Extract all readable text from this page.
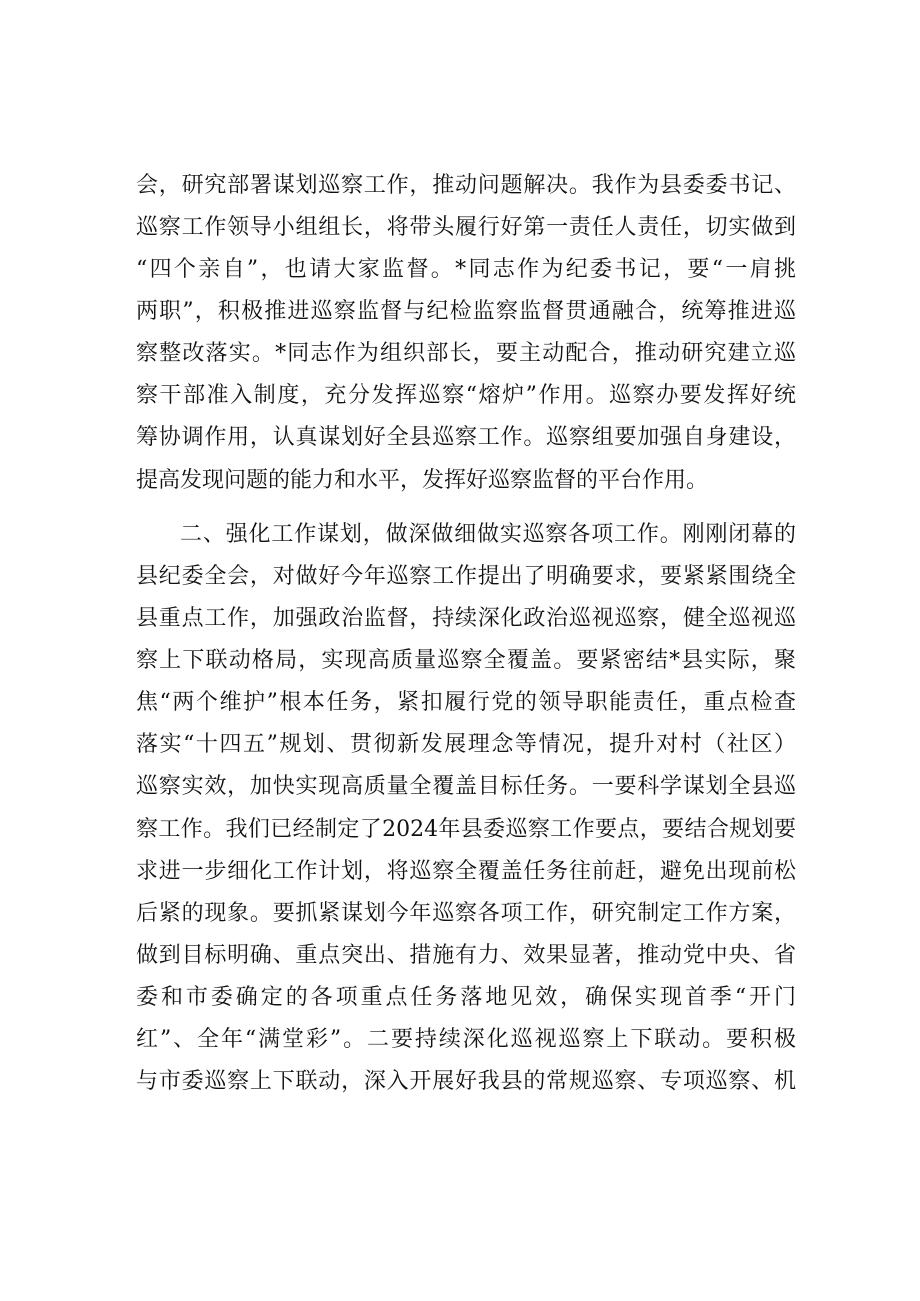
会，研究部署谋划巡察工作，推动问题解决。我作为县委委书记、
巡察工作领导小组组长，将带头履行好第一责任人责任，切实做到
“四个亲自”，也请大家监督。*同志作为纪委书记，要“一肩挑
两职”，积极推进巡察监督与纪检监察监督贯通融合，统筹推进巡
察整改落实。*同志作为组织部长，要主动配合，推动研究建立巡
察干部准入制度，充分发挥巡察“熔炉”作用。巡察办要发挥好统
筹协调作用，认真谋划好全县巡察工作。巡察组要加强自身建设，
提高发现问题的能力和水平，发挥好巡察监督的平台作用。
二、强化工作谋划，做深做细做实巡察各项工作。刚刚闭幕的
县纪委全会，对做好今年巡察工作提出了明确要求，要紧紧围绕全
县重点工作，加强政治监督，持续深化政治巡视巡察，健全巡视巡
察上下联动格局，实现高质量巡察全覆盖。要紧密结*县实际，聚
焦“两个维护”根本任务，紧扣履行党的领导职能责任，重点检查
落实“十四五”规划、贯彻新发展理念等情况，提升对村（社区）
巡察实效，加快实现高质量全覆盖目标任务。一要科学谋划全县巡
察工作。我们已经制定了2024年县委巡察工作要点，要结合规划要
求进一步细化工作计划，将巡察全覆盖任务往前赶，避免出现前松
后紧的现象。要抓紧谋划今年巡察各项工作，研究制定工作方案，
做到目标明确、重点突出、措施有力、效果显著，推动党中央、省
委和市委确定的各项重点任务落地见效，确保实现首季“开门
红”、全年“满堂彩”。二要持续深化巡视巡察上下联动。要积极
与市委巡察上下联动，深入开展好我县的常规巡察、专项巡察、机
